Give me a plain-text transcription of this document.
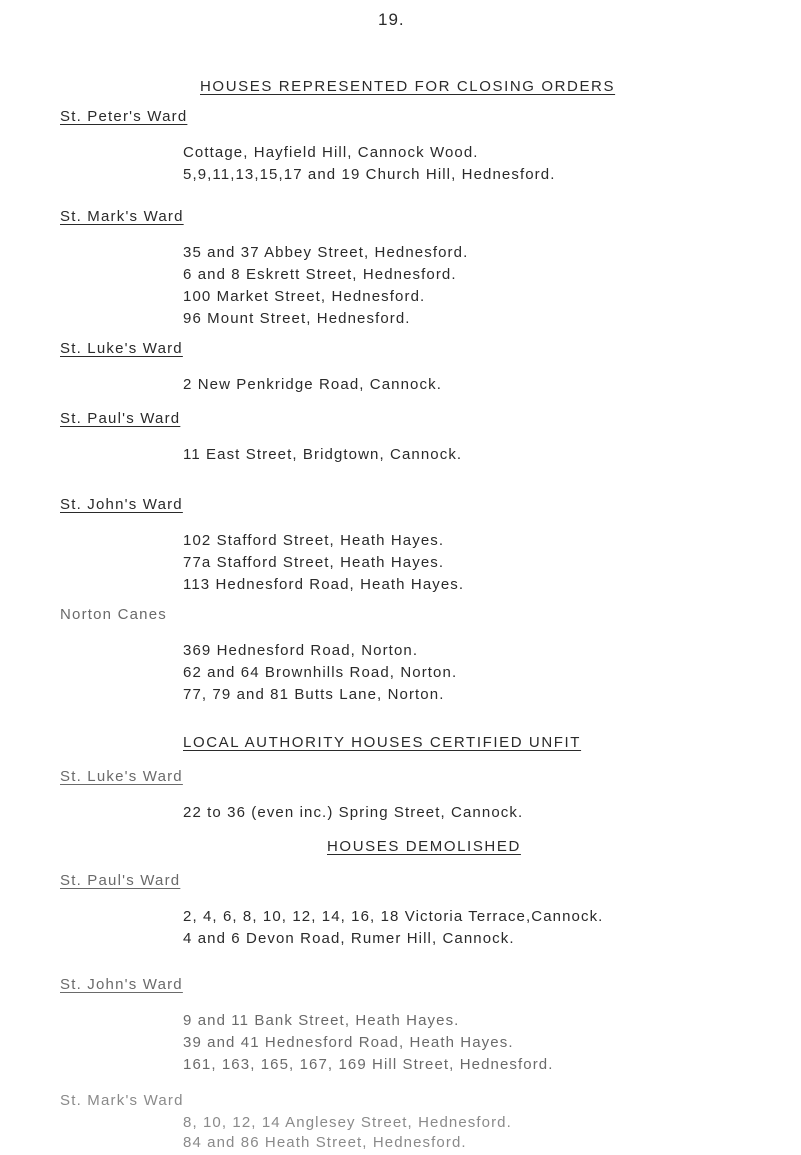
19.
HOUSES REPRESENTED FOR CLOSING ORDERS
St. Peter's Ward
Cottage, Hayfield Hill, Cannock Wood.
5,9,11,13,15,17 and 19 Church Hill, Hednesford.
St. Mark's Ward
35 and 37 Abbey Street, Hednesford.
6 and 8 Eskrett Street, Hednesford.
100 Market Street, Hednesford.
96 Mount Street, Hednesford.
St. Luke's Ward
2 New Penkridge Road, Cannock.
St. Paul's Ward
11 East Street, Bridgtown, Cannock.
St. John's Ward
102 Stafford Street, Heath Hayes.
77a Stafford Street, Heath Hayes.
113 Hednesford Road, Heath Hayes.
Norton Canes
369 Hednesford Road, Norton.
62 and 64 Brownhills Road, Norton.
77, 79 and 81 Butts Lane, Norton.
LOCAL AUTHORITY HOUSES CERTIFIED UNFIT
St. Luke's Ward
22 to 36 (even inc.) Spring Street, Cannock.
HOUSES DEMOLISHED
St. Paul's Ward
2, 4, 6, 8, 10, 12, 14, 16, 18 Victoria Terrace,Cannock.
4 and 6 Devon Road, Rumer Hill, Cannock.
St. John's Ward
9 and 11 Bank Street, Heath Hayes.
39 and 41 Hednesford Road, Heath Hayes.
161, 163, 165, 167, 169 Hill Street, Hednesford.
St. Mark's Ward
8, 10, 12, 14 Anglesey Street, Hednesford.
84 and 86 Heath Street, Hednesford.
